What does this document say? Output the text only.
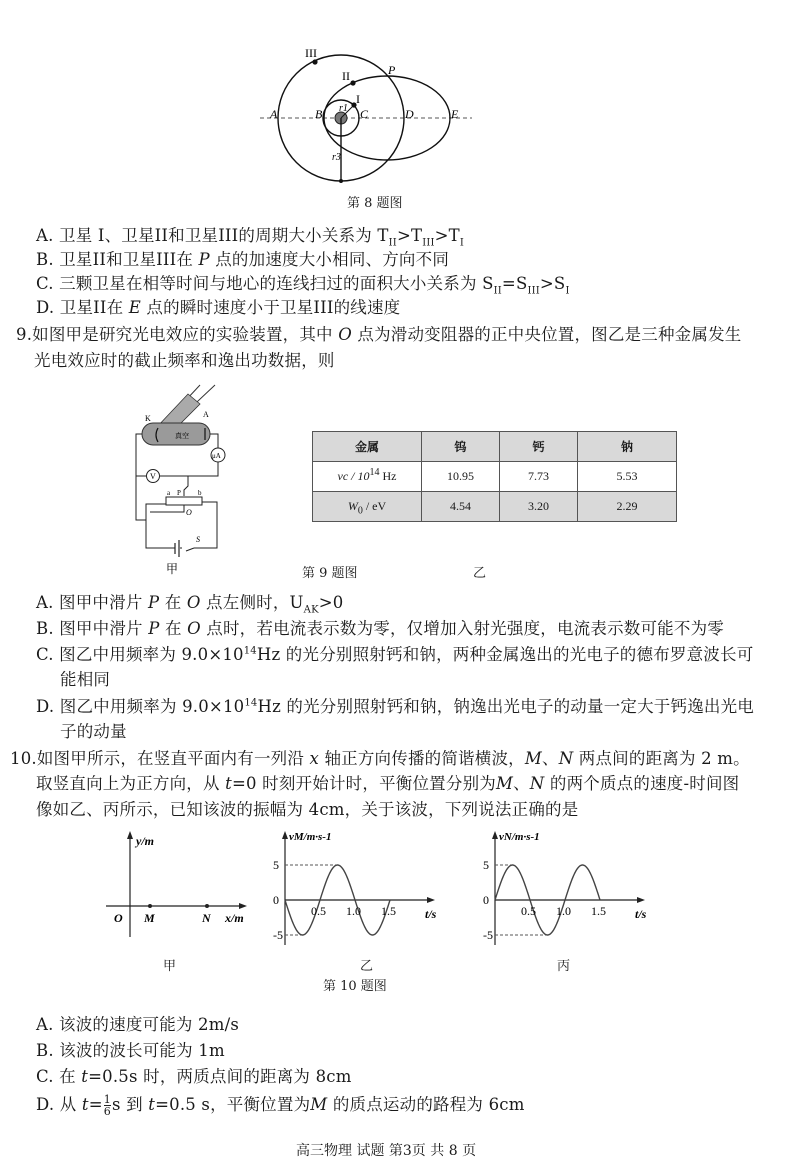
III
II
I
P
A	B	C	D	E
r1
r3
第 8 题图
A. 卫星 I、卫星II和卫星III的周期大小关系为 $T_{II}>T_{III}>T_I$
B. 卫星II和卫星III在 P 点的加速度大小相同、方向不同
C. 三颗卫星在相等时间与地心的连线扫过的面积大小关系为 $S_{II}=S_{III}>S_I$
D. 卫星II在 E 点的瞬时速度小于卫星III的线速度
9.如图甲是研究光电效应的实验装置，其中 O 点为滑动变阻器的正中央位置，图乙是三种金属发生
光电效应时的截止频率和逸出功数据，则
K	A
真空
μA
V
a P b
O
S
甲
金属	钨	钙	钠
νc / $10^{14}$ Hz	10.95	7.73	5.53
$W_0$ / eV	4.54	3.20	2.29
第 9 题图	乙
A. 图甲中滑片 P 在 O 点左侧时，$U_{AK}>0$
B. 图甲中滑片 P 在 O 点时，若电流表示数为零，仅增加入射光强度，电流表示数可能不为零
C. 图乙中用频率为 $9.0\times 10^{14}Hz$ 的光分别照射钙和钠，两种金属逸出的光电子的德布罗意波长可
能相同
D. 图乙中用频率为 $9.0\times 10^{14}Hz$ 的光分别照射钙和钠，钠逸出光电子的动量一定大于钙逸出光电
子的动量
10.如图甲所示，在竖直平面内有一列沿 x 轴正方向传播的简谐横波，M、N 两点间的距离为 2 m。
取竖直向上为正方向，从 t=0 时刻开始计时，平衡位置分别为M、N 的两个质点的速度-时间图
像如乙、丙所示，已知该波的振幅为 4cm，关于该波，下列说法正确的是
y/m
O M	N x/m
甲
5
0
-5
0.5 1.0 1.5
vM/m·s-1
t/s
乙
5
0
-5
0.5 1.0 1.5
vN/m·s-1
t/s
丙
第 10 题图
A. 该波的速度可能为 2m/s
B. 该波的波长可能为 1m
C. 在 t=0.5s 时，两质点间的距离为 8cm
D. 从 $t= \frac{1}{6}$ s 到 t=0.5 s，平衡位置为M 的质点运动的路程为 6cm
高三物理 试题 第3页 共 8 页
